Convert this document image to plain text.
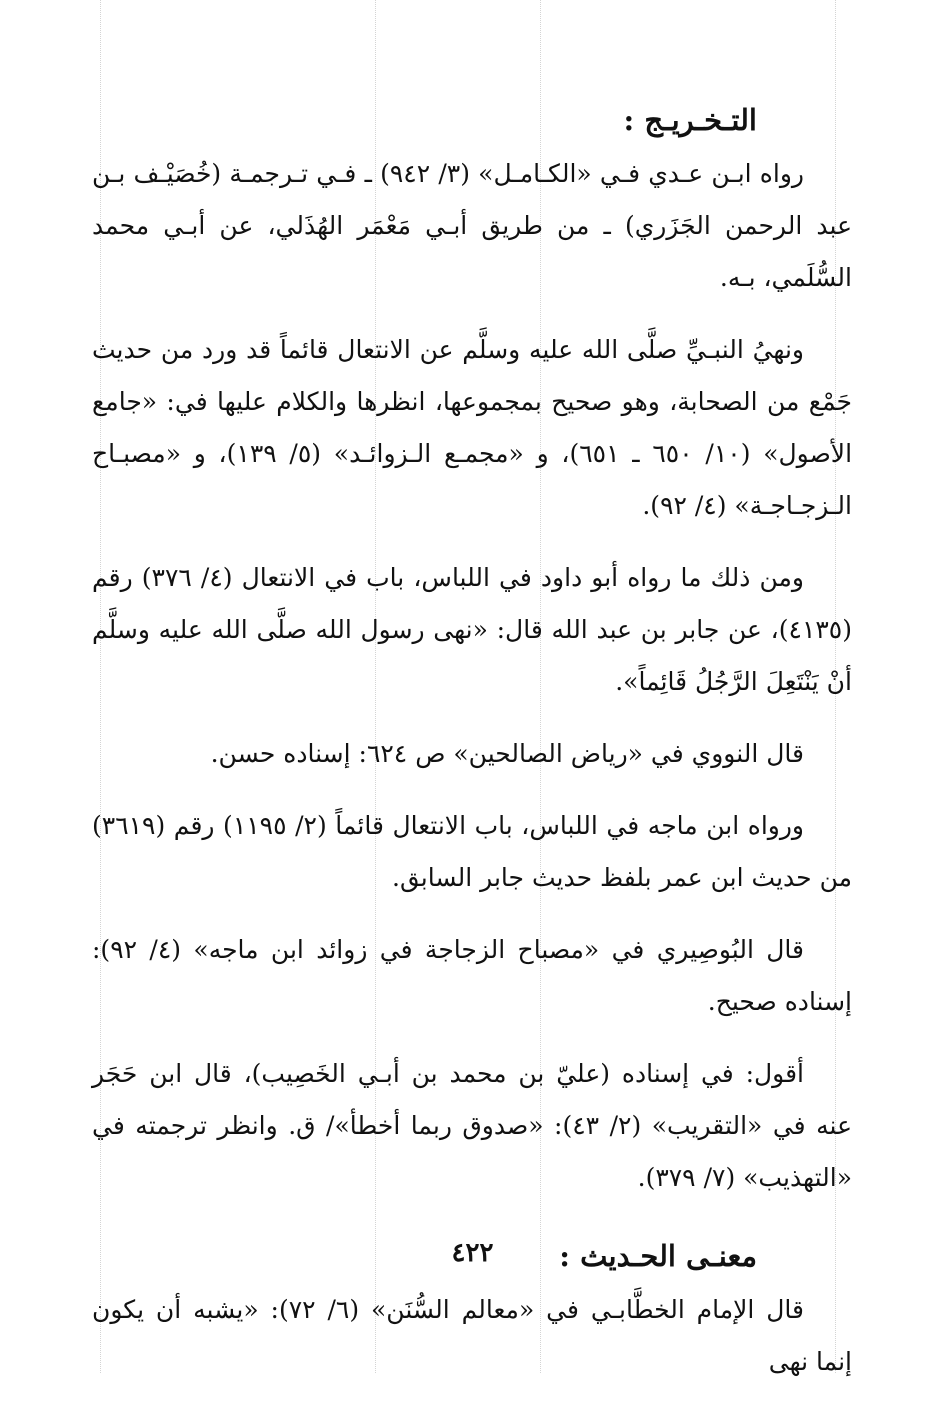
التـخـريـج :

رواه ابـن عـدي فـي «الكـامـل» (٣/ ٩٤٢) ـ فـي تـرجمـة (خُصَيْـف بـن عبد الرحمن الجَزَري) ـ من طريق أبـي مَعْمَر الهُذَلي، عن أبـي محمد السُّلَمي، بـه.

ونهيُ النبـيِّ صلَّى الله عليه وسلَّم عن الانتعال قائماً قد ورد من حديث جَمْع من الصحابة، وهو صحيح بمجموعها، انظرها والكلام عليها في: «جامع الأصول» (١٠/ ٦٥٠ ـ ٦٥١)، و «مجمـع الـزوائـد» (٥/ ١٣٩)، و «مصبـاح الـزجـاجـة» (٤/ ٩٢).

ومن ذلك ما رواه أبو داود في اللباس، باب في الانتعال (٤/ ٣٧٦) رقم (٤١٣٥)، عن جابر بن عبد الله قال: «نهى رسول الله صلَّى الله عليه وسلَّم أنْ يَنْتَعِلَ الرَّجُلُ قَائِماً».

قال النووي في «رياض الصالحين» ص ٦٢٤: إسناده حسن.

ورواه ابن ماجه في اللباس، باب الانتعال قائماً (٢/ ١١٩٥) رقم (٣٦١٩) من حديث ابن عمر بلفظ حديث جابر السابق.

قال البُوصِيري في «مصباح الزجاجة في زوائد ابن ماجه» (٤/ ٩٢): إسناده صحيح.

أقول: في إسناده (عليّ بن محمد بن أبـي الخَصِيب)، قال ابن حَجَر عنه في «التقريب» (٢/ ٤٣): «صدوق ربما أخطأ»/ ق. وانظر ترجمته في «التهذيب» (٧/ ٣٧٩).

معنـى الحـديث :

قال الإمام الخطَّابـي في «معالم السُّنَن» (٦/ ٧٢): «يشبه أن يكون إنما نهى

٤٢٢
